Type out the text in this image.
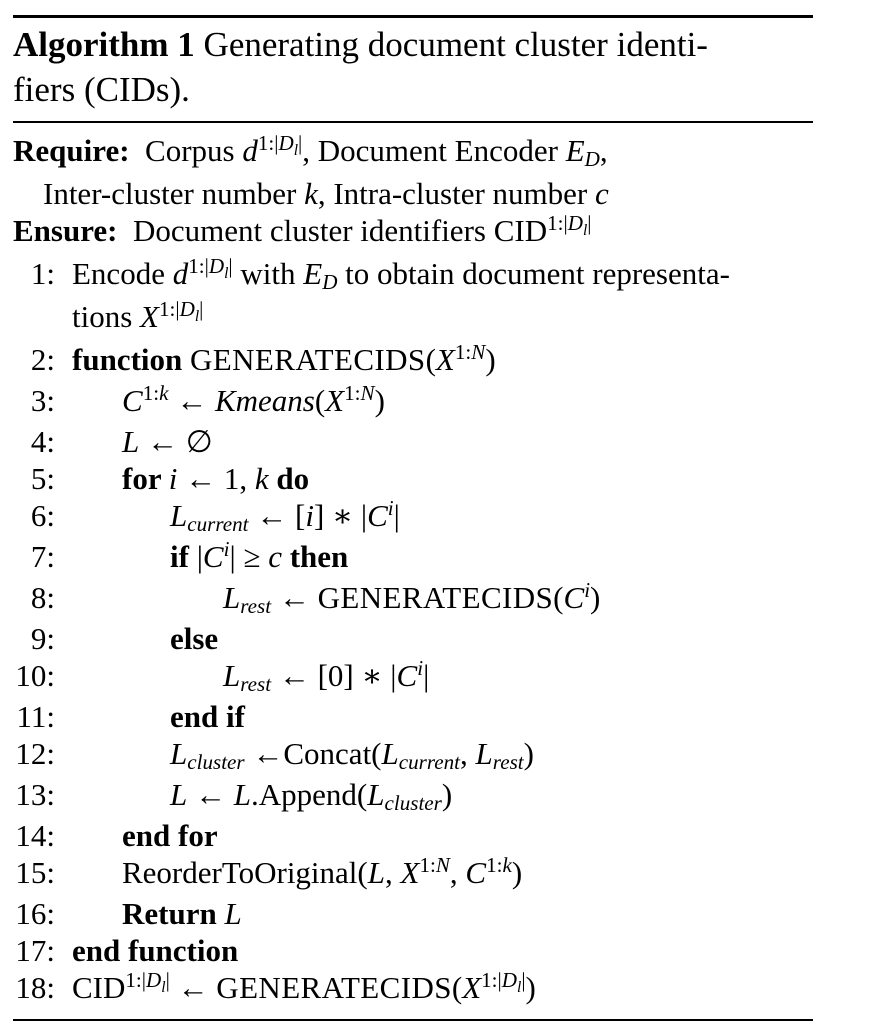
Algorithm 1 Generating document cluster identi-
fiers (CIDs).
Require:  Corpus $d^{1:|D}l^|$, Document Encoder ED,
Inter-cluster number k, Intra-cluster number c
Ensure:  Document cluster identifiers $CID^{1:|D}l^|$
1: Encode $d^{1:|D}l^|$ with ED to obtain document representa-
tions $X^{1:|D}l^|$
2: function $GENERATECIDS(X^{1:N})$
3:	$C^{1:k}$ ← $Kmeans(X^{1:N})$
4:	L ← ∅
5:	for i ← 1, k do
6:	Lcurrent ← [i] ∗ $|C^i|$
7:	if $|C^i| \ge c$ then
8:	Lrest ← $GENERATECIDS(C^i)$
9:	else
10:	Lrest ← [0] ∗ $|C^i|$
11:	end if
12:	Lcluster ←Concat(Lcurrent, Lrest)
13:	L ← L.Append(Lcluster)
14:	end for
15:	ReorderToOriginal(L, $X^{1:N}$, $C^{1:k}$)
16:	Return L
17: end function
18: $CID^{1:|D}l^|$ ← $GENERATECIDS(X^{1:|D}l^|)$
